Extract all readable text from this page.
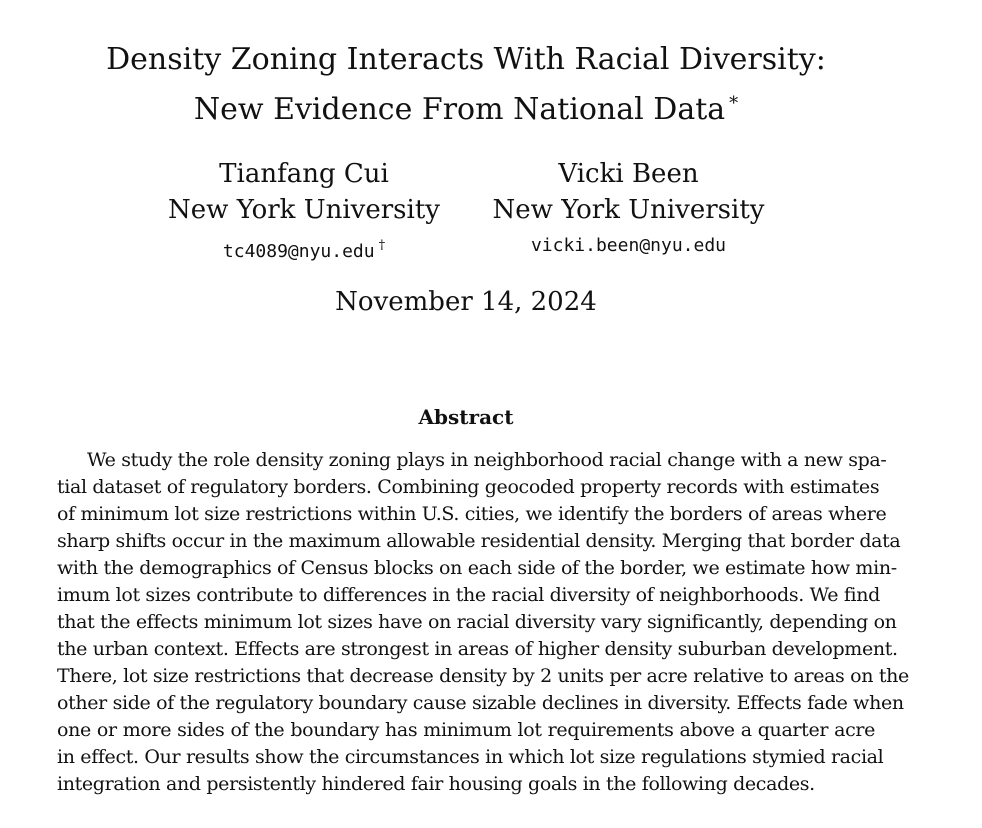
Density Zoning Interacts With Racial Diversity:
New Evidence From National Data *
Tianfang Cui
New York University
tc4089@nyu.edu †
Vicki Been
New York University
vicki.been@nyu.edu
November 14, 2024
Abstract
We study the role density zoning plays in neighborhood racial change with a new spa-
tial dataset of regulatory borders. Combining geocoded property records with estimates
of minimum lot size restrictions within U.S. cities, we identify the borders of areas where
sharp shifts occur in the maximum allowable residential density. Merging that border data
with the demographics of Census blocks on each side of the border, we estimate how min-
imum lot sizes contribute to differences in the racial diversity of neighborhoods. We find
that the effects minimum lot sizes have on racial diversity vary significantly, depending on
the urban context. Effects are strongest in areas of higher density suburban development.
There, lot size restrictions that decrease density by 2 units per acre relative to areas on the
other side of the regulatory boundary cause sizable declines in diversity. Effects fade when
one or more sides of the boundary has minimum lot requirements above a quarter acre
in effect. Our results show the circumstances in which lot size regulations stymied racial
integration and persistently hindered fair housing goals in the following decades.
